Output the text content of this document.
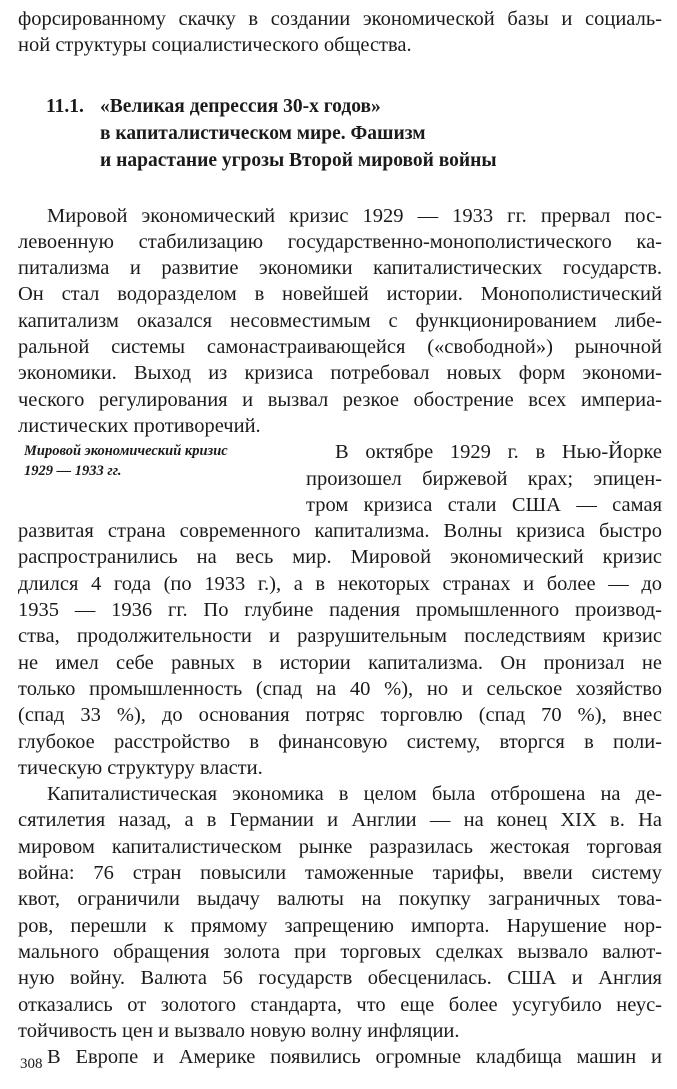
форсированному скачку в создании экономической базы и социаль-
ной структуры социалистического общества.
11.1. «Великая депрессия 30-х годов»
в капиталистическом мире. Фашизм
и нарастание угрозы Второй мировой войны
Мировой экономический кризис 1929 — 1933 гг. прервал пос-
левоенную стабилизацию государственно-монополистического ка-
питализма и развитие экономики капиталистических государств.
Он стал водоразделом в новейшей истории. Монополистический
капитализм оказался несовместимым с функционированием либе-
ральной системы самонастраивающейся («свободной») рыночной
экономики. Выход из кризиса потребовал новых форм экономи-
ческого регулирования и вызвал резкое обострение всех империа-
листических противоречий.
Мировой экономический кризис
1929 — 1933 гг.
В октябре 1929 г. в Нью-Йорке
произошел биржевой крах; эпицен-
тром кризиса стали США — самая
развитая страна современного капитализма. Волны кризиса быстро
распространились на весь мир. Мировой экономический кризис
длился 4 года (по 1933 г.), а в некоторых странах и более — до
1935 — 1936 гг. По глубине падения промышленного производ-
ства, продолжительности и разрушительным последствиям кризис
не имел себе равных в истории капитализма. Он пронизал не
только промышленность (спад на 40 %), но и сельское хозяйство
(спад 33 %), до основания потряс торговлю (спад 70 %), внес
глубокое расстройство в финансовую систему, вторгся в поли-
тическую структуру власти.
Капиталистическая экономика в целом была отброшена на де-
сятилетия назад, а в Германии и Англии — на конец XIX в. На
мировом капиталистическом рынке разразилась жестокая торговая
война: 76 стран повысили таможенные тарифы, ввели систему
квот, ограничили выдачу валюты на покупку заграничных това-
ров, перешли к прямому запрещению импорта. Нарушение нор-
мального обращения золота при торговых сделках вызвало валют-
ную войну. Валюта 56 государств обесценилась. США и Англия
отказались от золотого стандарта, что еще более усугубило неус-
тойчивость цен и вызвало новую волну инфляции.
В Европе и Америке появились огромные кладбища машин и
308
